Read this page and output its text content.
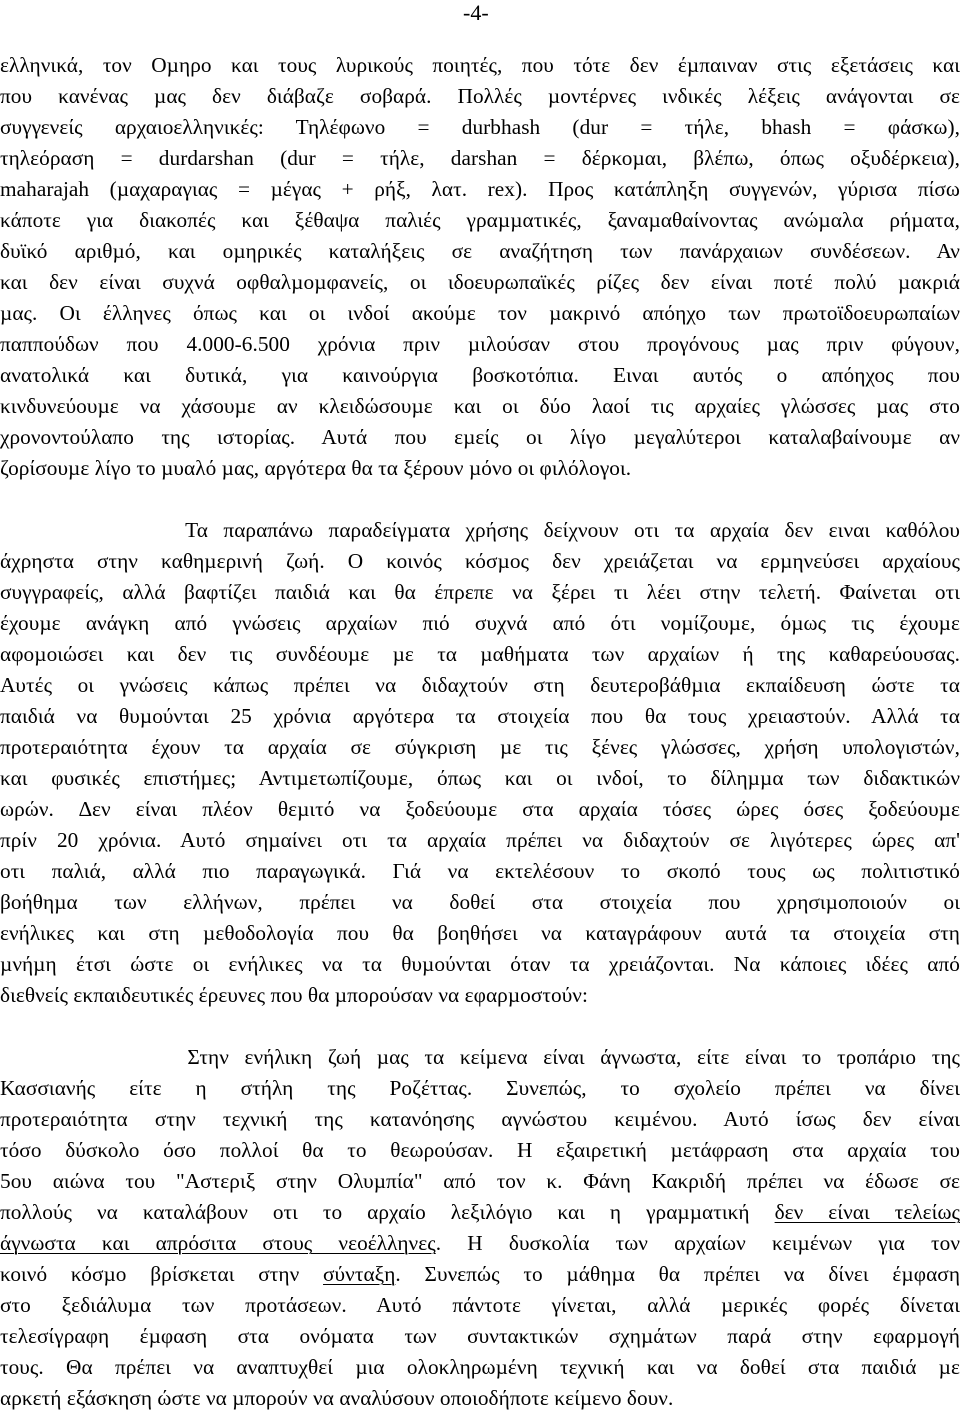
-4-
ελληνικά, τον Οµηρο και τους λυρικούς ποιητές, που τότε δεν έµπαιναν στις εξετάσεις και
που κανένας µας δεν διάβαζε σοβαρά. Πολλές µοντέρνες ινδικές λέξεις ανάγονται σε
συγγενείς αρχαιοελληνικές: Τηλέφωνο = durbhash (dur = τήλε, bhash = φάσκω),
τηλεόραση = durdarshan (dur = τήλε, darshan = δέρκοµαι, βλέπω, όπως οξυδέρκεια),
maharajah (µαχαραγιας = µέγας + ρήξ, λατ. rex). Προς κατάπληξη συγγενών, γύρισα πίσω
κάποτε για διακοπές και ξέθαψα παλιές γραµµατικές, ξαναµαθαίνοντας ανώµαλα ρήµατα,
δυϊκό αριθµό, και οµηρικές καταλήξεις σε αναζήτηση των πανάρχαιων συνδέσεων. Αν
και δεν είναι συχνά οφθαλµοµφανείς, οι ιδοευρωπαϊκές ρίζες δεν είναι ποτέ πολύ µακριά
µας. Οι έλληνες όπως και οι ινδοί ακούµε τον µακρινό απόηχο των πρωτοϊδοευρωπαίων
παππούδων που 4.000-6.500 χρόνια πριν µιλούσαν στου προγόνους µας πριν φύγουν,
ανατολικά και δυτικά, για καινούργια βοσκοτόπια. Ειναι αυτός ο απόηχος που
κινδυνεύουµε να χάσουµε αν κλειδώσουµε και οι δύο λαοί τις αρχαίες γλώσσες µας στο
χρονοντούλαπο της ιστορίας. Αυτά που εµείς οι λίγο µεγαλύτεροι καταλαβαίνουµε αν
ζορίσουµε λίγο το µυαλό µας, αργότερα θα τα ξέρουν µόνο οι φιλόλογοι.
Τα παραπάνω παραδείγµατα χρήσης δείχνουν οτι τα αρχαία δεν ειναι καθόλου
άχρηστα στην καθηµερινή ζωή. Ο κοινός κόσµος δεν χρειάζεται να ερµηνεύσει αρχαίους
συγγραφείς, αλλά βαφτίζει παιδιά και θα έπρεπε να ξέρει τι λέει στην τελετή. Φαίνεται οτι
έχουµε ανάγκη από γνώσεις αρχαίων πιό συχνά από ότι νοµίζουµε, όµως τις έχουµε
αφοµοιώσει και δεν τις συνδέουµε µε τα µαθήµατα των αρχαίων ή της καθαρεύουσας.
Αυτές οι γνώσεις κάπως πρέπει να διδαχτούν στη δευτεροβάθµια εκπαίδευση ώστε τα
παιδιά να θυµούνται 25 χρόνια αργότερα τα στοιχεία που θα τους χρειαστούν. Αλλά τα
προτεραιότητα έχουν τα αρχαία σε σύγκριση µε τις ξένες γλώσσες, χρήση υπολογιστών,
και φυσικές επιστήµες; Αντιµετωπίζουµε, όπως και οι ινδοί, το δίληµµα των διδακτικών
ωρών. ∆εν είναι πλέον θεµιτό να ξοδεύουµε στα αρχαία τόσες ώρες όσες ξοδεύουµε
πρίν 20 χρόνια. Αυτό σηµαίνει οτι τα αρχαία πρέπει να διδαχτούν σε λιγότερες ώρες απ'
οτι παλιά, αλλά πιο παραγωγικά. Γιά να εκτελέσουν το σκοπό τους ως πολιτιστικό
βοήθηµα των ελλήνων, πρέπει να δοθεί στα στοιχεία που χρησιµοποιούν οι
ενήλικες και στη µεθοδολογία που θα βοηθήσει να καταγράφουν αυτά τα στοιχεία στη
µνήµη έτσι ώστε οι ενήλικες να τα θυµούνται όταν τα χρειάζονται. Να κάποιες ιδέες από
διεθνείς εκπαιδευτικές έρευνες που θα µπορούσαν να εφαρµοστούν:
Στην ενήλικη ζωή µας τα κείµενα είναι άγνωστα, είτε είναι το τροπάριο της
Κασσιανής είτε η στήλη της Ροζέττας. Συνεπώς, το σχολείο πρέπει να δίνει
προτεραιότητα στην τεχνική της κατανόησης αγνώστου κειµένου. Αυτό ίσως δεν είναι
τόσο δύσκολο όσο πολλοί θα το θεωρούσαν. Η εξαιρετική µετάφραση στα αρχαία του
5ου αιώνα του "Αστεριξ στην Ολυµπία" από τον κ. Φάνη Κακριδή πρέπει να έδωσε σε
πολλούς να καταλάβουν οτι το αρχαίο λεξιλόγιο και η γραµµατική δεν είναι τελείως
άγνωστα και απρόσιτα στους νεοέλληνες. Η δυσκολία των αρχαίων κειµένων για τον
κοινό κόσµο βρίσκεται στην σύνταξη. Συνεπώς το µάθηµα θα πρέπει να δίνει έµφαση
στο ξεδιάλυµα των προτάσεων. Αυτό πάντοτε γίνεται, αλλά µερικές φορές δίνεται
τελεσίγραφη έµφαση στα ονόµατα των συντακτικών σχηµάτων παρά στην εφαρµογή
τους. Θα πρέπει να αναπτυχθεί µια ολοκληρωµένη τεχνική και να δοθεί στα παιδιά µε
αρκετή εξάσκηση ώστε να µπορούν να αναλύσουν οποιοδήποτε κείµενο δουν.
